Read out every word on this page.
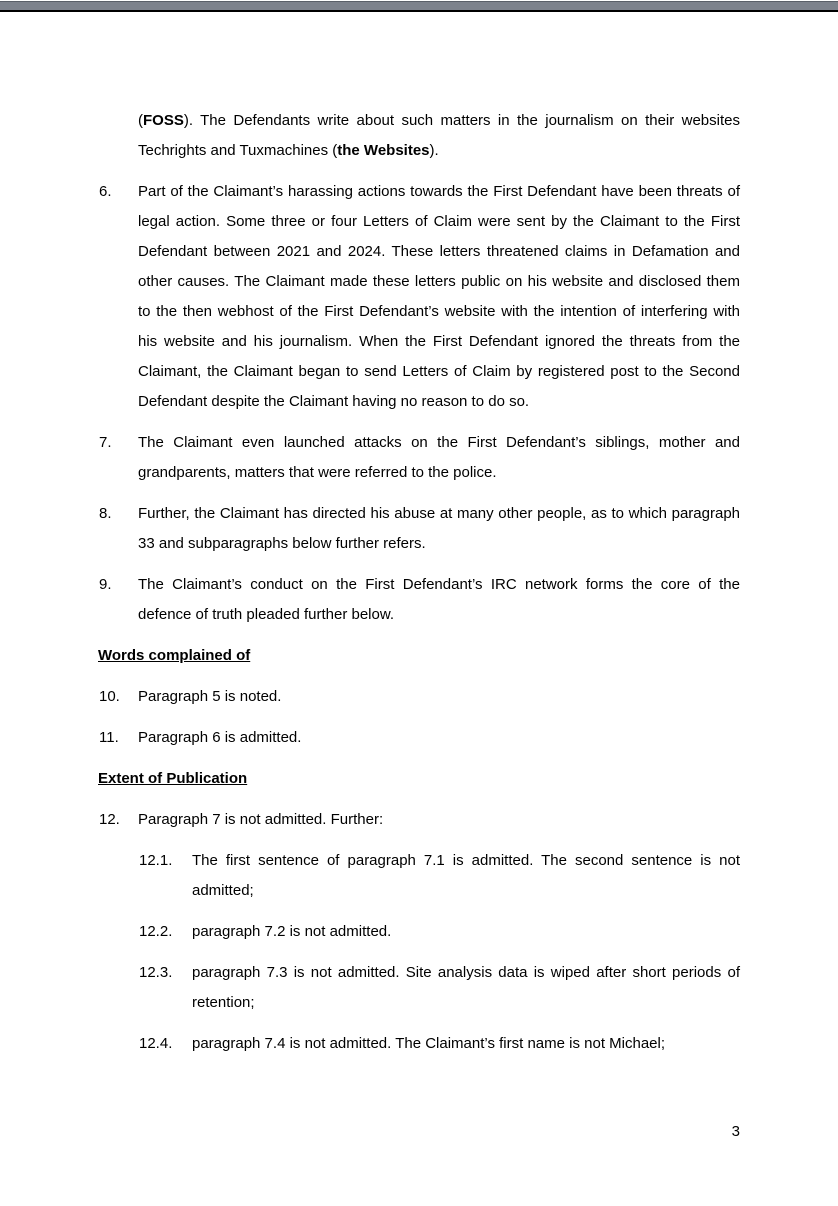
(FOSS). The Defendants write about such matters in the journalism on their websites Techrights and Tuxmachines (the Websites).
6.	Part of the Claimant’s harassing actions towards the First Defendant have been threats of legal action. Some three or four Letters of Claim were sent by the Claimant to the First Defendant between 2021 and 2024. These letters threatened claims in Defamation and other causes. The Claimant made these letters public on his website and disclosed them to the then webhost of the First Defendant’s website with the intention of interfering with his website and his journalism. When the First Defendant ignored the threats from the Claimant, the Claimant began to send Letters of Claim by registered post to the Second Defendant despite the Claimant having no reason to do so.
7.	The Claimant even launched attacks on the First Defendant’s siblings, mother and grandparents, matters that were referred to the police.
8.	Further, the Claimant has directed his abuse at many other people, as to which paragraph 33 and subparagraphs below further refers.
9.	The Claimant’s conduct on the First Defendant’s IRC network forms the core of the defence of truth pleaded further below.
Words complained of
10.	Paragraph 5 is noted.
11.	Paragraph 6 is admitted.
Extent of Publication
12.	Paragraph 7 is not admitted. Further:
12.1.	The first sentence of paragraph 7.1 is admitted. The second sentence is not admitted;
12.2.	paragraph 7.2 is not admitted.
12.3.	paragraph 7.3 is not admitted. Site analysis data is wiped after short periods of retention;
12.4.	paragraph 7.4 is not admitted. The Claimant’s first name is not Michael;
3
